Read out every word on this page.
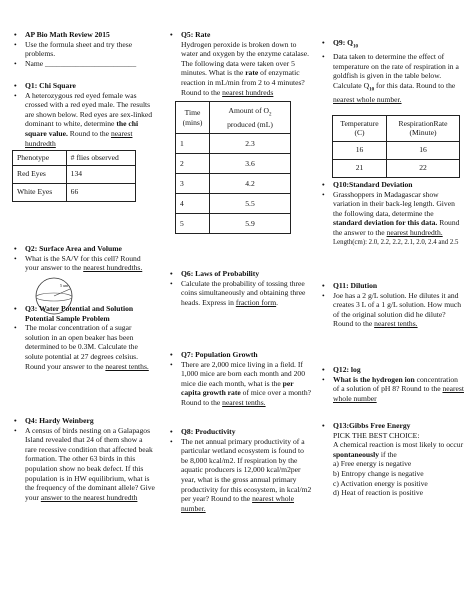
• AP Bio Math Review 2015
• Use the formula sheet and try these problems.
• Name ________________________
• Q1: Chi Square
• A heterozygous red eyed female was crossed with a red eyed male. The results are shown below. Red eyes are sex-linked dominant to white, determine the chi square value. Round to the nearest hundredth
Phenotype	# flies observed
Red Eyes	134
White Eyes	66
• Q2: Surface Area and Volume
• What is the SA/V for this cell? Round your answer to the nearest hundredths.
5 um
• Q3: Water Potential and Solution Potential Sample Problem
• The molar concentration of a sugar solution in an open beaker has been determined to be 0.3M. Calculate the solute potential at 27 degrees celsius. Round your answer to the nearest tenths.
• Q4: Hardy Weinberg
• A census of birds nesting on a Galapagos Island revealed that 24 of them show a rare recessive condition that affected beak formation. The other 63 birds in this population show no beak defect. If this population is in HW equilibrium, what is the frequency of the dominant allele? Give your answer to the nearest hundredth
• Q5: Rate
Hydrogen peroxide is broken down to water and oxygen by the enzyme catalase. The following data were taken over 5 minutes. What is the rate of enzymatic reaction in mL/min from 2 to 4 minutes? Round to the nearest hundreds
Time (mins)	Amount of $O_2$
produced (mL)
1	2.3
2	3.6
3	4.2
4	5.5
5	5.9
• Q6: Laws of Probability
• Calculate the probability of tossing three coins simultaneously and obtaining three heads. Express in fraction form.
• Q7: Population Growth
• There are 2,000 mice living in a field. If 1,000 mice are born each month and 200 mice die each month, what is the per capita growth rate of mice over a month? Round to the nearest tenths.
• Q8: Productivity
• The net annual primary productivity of a particular wetland ecosystem is found to be 8,000 kcal/m2. If respiration by the aquatic producers is 12,000 kcal/m2per year, what is the gross annual primary productivity for this ecosystem, in kcal/m2 per year? Round to the nearest whole number.
• Q9: $Q_{10}$
• Data taken to determine the effect of temperature on the rate of respiration in a goldfish is given in the table below. Calculate $Q_{10}$ for this data. Round to the nearest whole number.
Temperature (C)	RespirationRate (Minute)
16	16
21	22
• Q10:Standard Deviation
• Grasshoppers in Madagascar show variation in their back-leg length. Given the following data, determine the standard deviation for this data. Round the answer to the nearest hundredth.
Length(cm): 2.0, 2.2, 2.2, 2.1, 2.0, 2.4 and 2.5
• Q11: Dilution
• Joe has a 2 g/L solution. He dilutes it and creates 3 L of a 1 g/L solution. How much of the original solution did he dilute? Round to the nearest tenths.
• Q12: log
• What is the hydrogen ion concentration of a solution of pH 8? Round to the nearest whole number
• Q13:Gibbs Free Energy
PICK THE BEST CHOICE:
A chemical reaction is most likely to occur spontaneously if the
a) Free energy is negative
b) Entropy change is negative
c) Activation energy is positive
d) Heat of reaction is positive
